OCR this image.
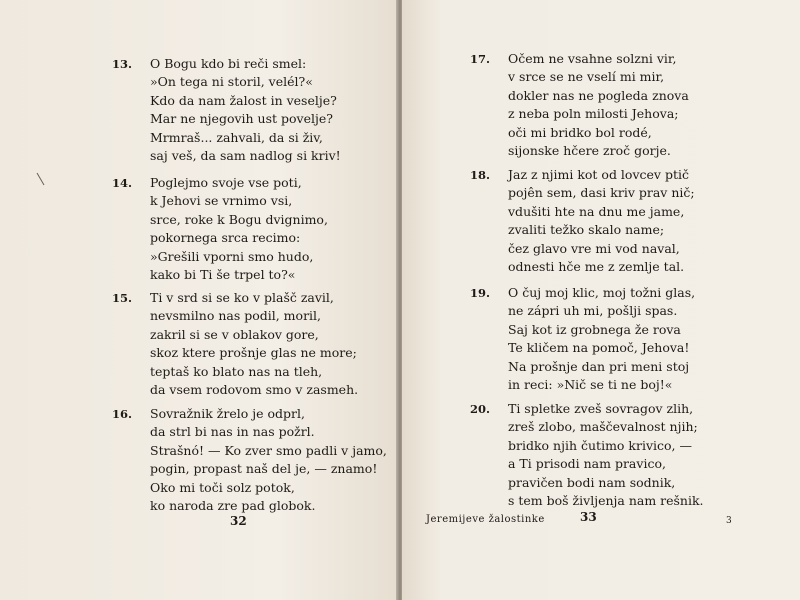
13. O Bogu kdo bi reči smel:
»On tega ni storil, velél?«
Kdo da nam žalost in veselje?
Mar ne njegovih ust povelje?
Mrmraš... zahvali, da si živ,
saj veš, da sam nadlog si kriv!
14. Poglejmo svoje vse poti,
k Jehovi se vrnimo vsi,
srce, roke k Bogu dvignimo,
pokornega srca recimo:
»Grešili vporni smo hudo,
kako bi Ti še trpel to?«
15. Ti v srd si se ko v plašč zavil,
nevsmilno nas podil, moril,
zakril si se v oblakov gore,
skoz ktere prošnje glas ne more;
teptaš ko blato nas na tleh,
da vsem rodovom smo v zasmeh.
16. Sovražnik žrelo je odprl,
da strl bi nas in nas požrl.
Strašnó! — Ko zver smo padli v jamo,
pogin, propast naš del je, — znamo!
Oko mi toči solz potok,
ko naroda zre pad globok.
32
17. Očem ne vsahne solzni vir,
v srce se ne vselí mi mir,
dokler nas ne pogleda znova
z neba poln milosti Jehova;
oči mi bridko bol rodé,
sijonske hčere zroč gorje.
18. Jaz z njimi kot od lovcev ptič
pojên sem, dasi kriv prav nič;
vdušiti hte na dnu me jame,
zvaliti težko skalo name;
čez glavo vre mi vod naval,
odnesti hče me z zemlje tal.
19. O čuj moj klic, moj tožni glas,
ne zápri uh mi, pošlji spas.
Saj kot iz grobnega že rova
Te kličem na pomoč, Jehova!
Na prošnje dan pri meni stoj
in reci: »Nič se ti ne boj!«
20. Ti spletke zveš sovragov zlih,
zreš zlobo, maščevalnost njih;
bridko njih čutimo krivico, —
a Ti prisodi nam pravico,
pravičen bodi nam sodnik,
s tem boš življenja nam rešnik.
Jeremijeve žalostinke	33	3
